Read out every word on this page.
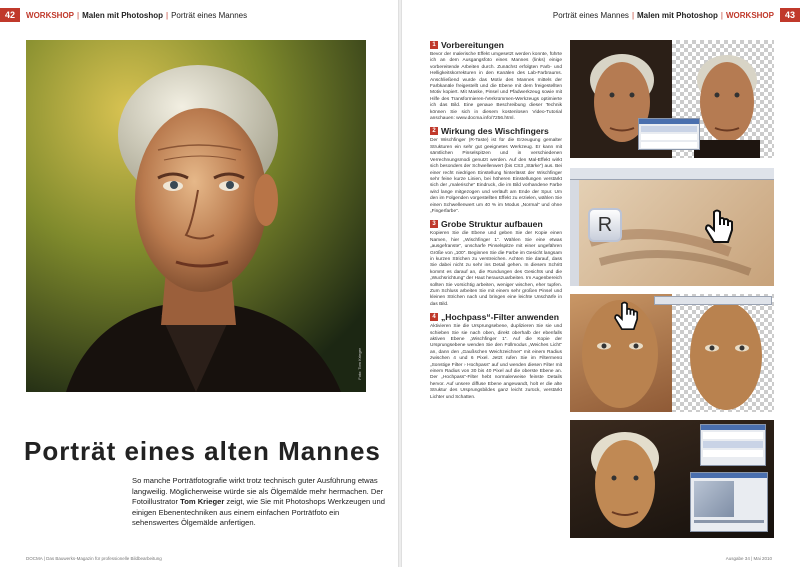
42	WORKSHOP | Malen mit Photoshop | Porträt eines Mannes
Foto: Tom Krieger
Porträt eines alten Mannes

So manche Porträtfotografie wirkt trotz technisch guter Ausführung etwas langweilig. Möglicherweise würde sie als Ölgemälde mehr hermachen. Der Fotoillustrator Tom Krieger zeigt, wie Sie mit Photoshops Werkzeugen und einigen Ebenentechniken aus einem einfachen Porträtfoto ein sehenswertes Ölgemälde anfertigen.

DOCMA | Das Bauwerks-Magazin für professionelle Bildbearbeitung
Porträt eines Mannes | Malen mit Photoshop | WORKSHOP	43
1 Vorbereitungen

Bevor der malerische Effekt umgesetzt werden konnte, führte ich an dem Ausgangsfoto eines Mannes (links) einige vorbereitende Arbeiten durch. Zunächst erfolgten Farb- und Helligkeitskorrekturen in den Kanälen des Lab-Farbraums. Anschließend wurde das Motiv des Mannes mittels der Farbkanäle freigestellt und die Ebene mit dem freigestellten Motiv kopiert. Mit Maske, Pinsel und Pfadwerkzeug sowie mit Hilfe des Transformieren-/Verkrümmen-Werkzeugs optimierte ich das Bild. Eine genaue Beschreibung dieser Technik können Sie sich in diesem kostenlosen Video-Tutorial anschauen: www.docma.info/7256.html.

2 Wirkung des Wischfingers

Der Wischfinger (R-Taste) ist für die Erzeugung gemalter Strukturen ein sehr gut geeignetes Werkzeug. Er kann mit sämtlichen Pinselspitzen und in verschiedenen Verrechnungsmodi genutzt werden. Auf den Mal-Effekt wirkt sich besonders der Schwellenwert (bis CS3 „Stärke“) aus. Bei einer recht niedrigen Einstellung hinterlässt der Wischfinger sehr feine kurze Linien, bei höheren Einstellungen verstärkt sich der „malerische“ Eindruck, die im Bild vorhandene Farbe wird lange mitgezogen und verläuft am Ende der Spur. Um den im Folgenden vorgestellten Effekt zu erzielen, wählen Sie einen Schwellenwert um 40 % im Modus „Normal“ und ohne „Fingerfarbe“.

3 Grobe Struktur aufbauen

Kopieren Sie die Ebene und geben Sie der Kopie einen Namen, hier „Wischfinger 1“. Wählen Sie eine etwas „ausgefranste“, unscharfe Pinselspitze mit einer ungefähren Größe von „100“. Beginnen Sie die Farbe im Gesicht langsam in kurzen Strichen zu verstreichen. Achten Sie darauf, dass Sie dabei nicht zu sehr ins Detail gehen. In diesem Schritt kommt es darauf an, die Rundungen des Gesichts und die „Wuchsrichtung“ der Haut herauszuarbeiten. Im Augenbereich sollten Sie vorsichtig arbeiten, weniger wischen, eher tupfen. Zum Schluss arbeiten Sie mit einem sehr großen Pinsel und kleinen Strichen nach und bringen eine leichte Unschärfe in das Bild.

4 „Hochpass“-Filter anwenden

Aktivieren Sie die Ursprungsebene, duplizieren Sie sie und schieben Sie sie nach oben, direkt oberhalb der ebenfalls aktiven Ebene „Wischfinger 1“. Auf die Kopie der Ursprungsebene wenden Sie den Füllmodus „Weiches Licht“ an, dann den „Gaußschen Weichzeichner“ mit einem Radius zwischen 4 und 6 Pixel. Jetzt rufen Sie im Filtermenü „Sonstige Filter › Hochpass“ auf und wenden diesen Filter mit einem Radius von 30 bis 40 Pixel auf die oberste Ebene an. Der „Hochpass“-Filter hebt normalerweise feinste Details hervor. Auf unsere diffuse Ebene angewandt, holt er die alte Struktur des Ursprungsbildes ganz leicht zurück, verstärkt Lichter und Schatten.

R
Ausgabe 34 | Mai 2010
